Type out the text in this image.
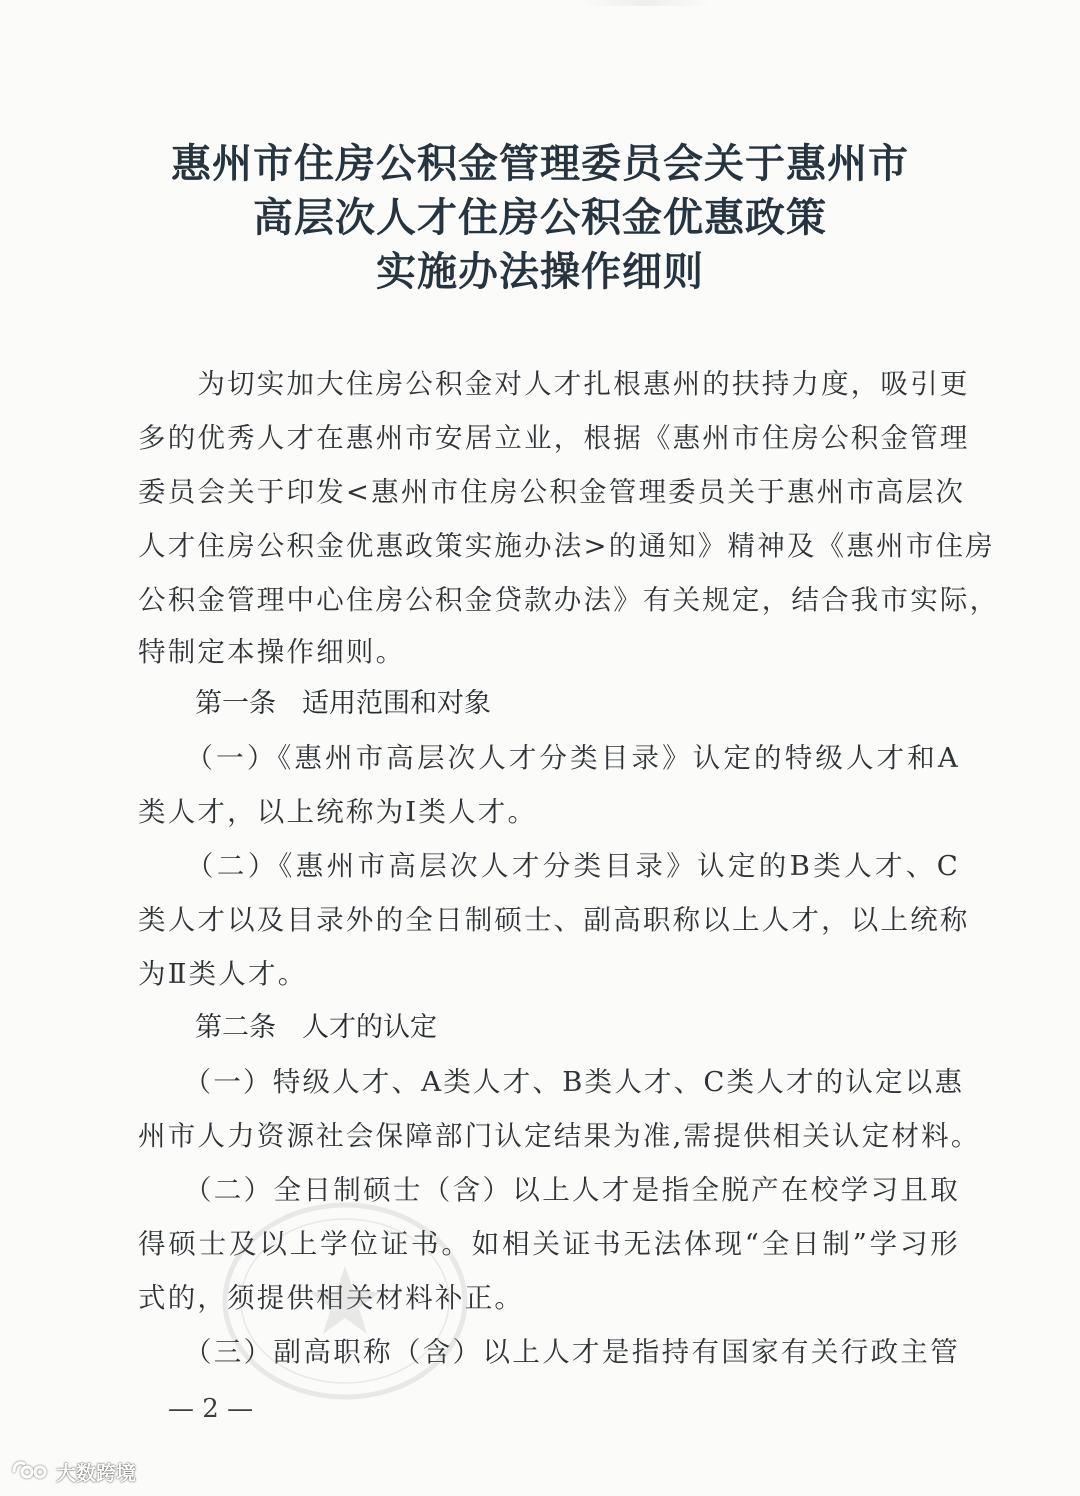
惠州市住房公积金管理委员会关于惠州市
高层次人才住房公积金优惠政策
实施办法操作细则
　　为切实加大住房公积金对人才扎根惠州的扶持力度，吸引更
多的优秀人才在惠州市安居立业，根据《惠州市住房公积金管理
委员会关于印发<惠州市住房公积金管理委员关于惠州市高层次
人才住房公积金优惠政策实施办法>的通知》精神及《惠州市住房
公积金管理中心住房公积金贷款办法》有关规定，结合我市实际，
特制定本操作细则。
第一条 适用范围和对象
　　（一）《惠州市高层次人才分类目录》认定的特级人才和A
类人才，以上统称为Ⅰ类人才。
　　（二）《惠州市高层次人才分类目录》认定的B类人才、C
类人才以及目录外的全日制硕士、副高职称以上人才，以上统称
为Ⅱ类人才。
第二条 人才的认定
　　（一）特级人才、A类人才、B类人才、C类人才的认定以惠
州市人力资源社会保障部门认定结果为准,需提供相关认定材料。
　　（二）全日制硕士（含）以上人才是指全脱产在校学习且取
得硕士及以上学位证书。如相关证书无法体现“全日制”学习形
式的，须提供相关材料补正。
　　（三）副高职称（含）以上人才是指持有国家有关行政主管
— 2 —
大数跨境
